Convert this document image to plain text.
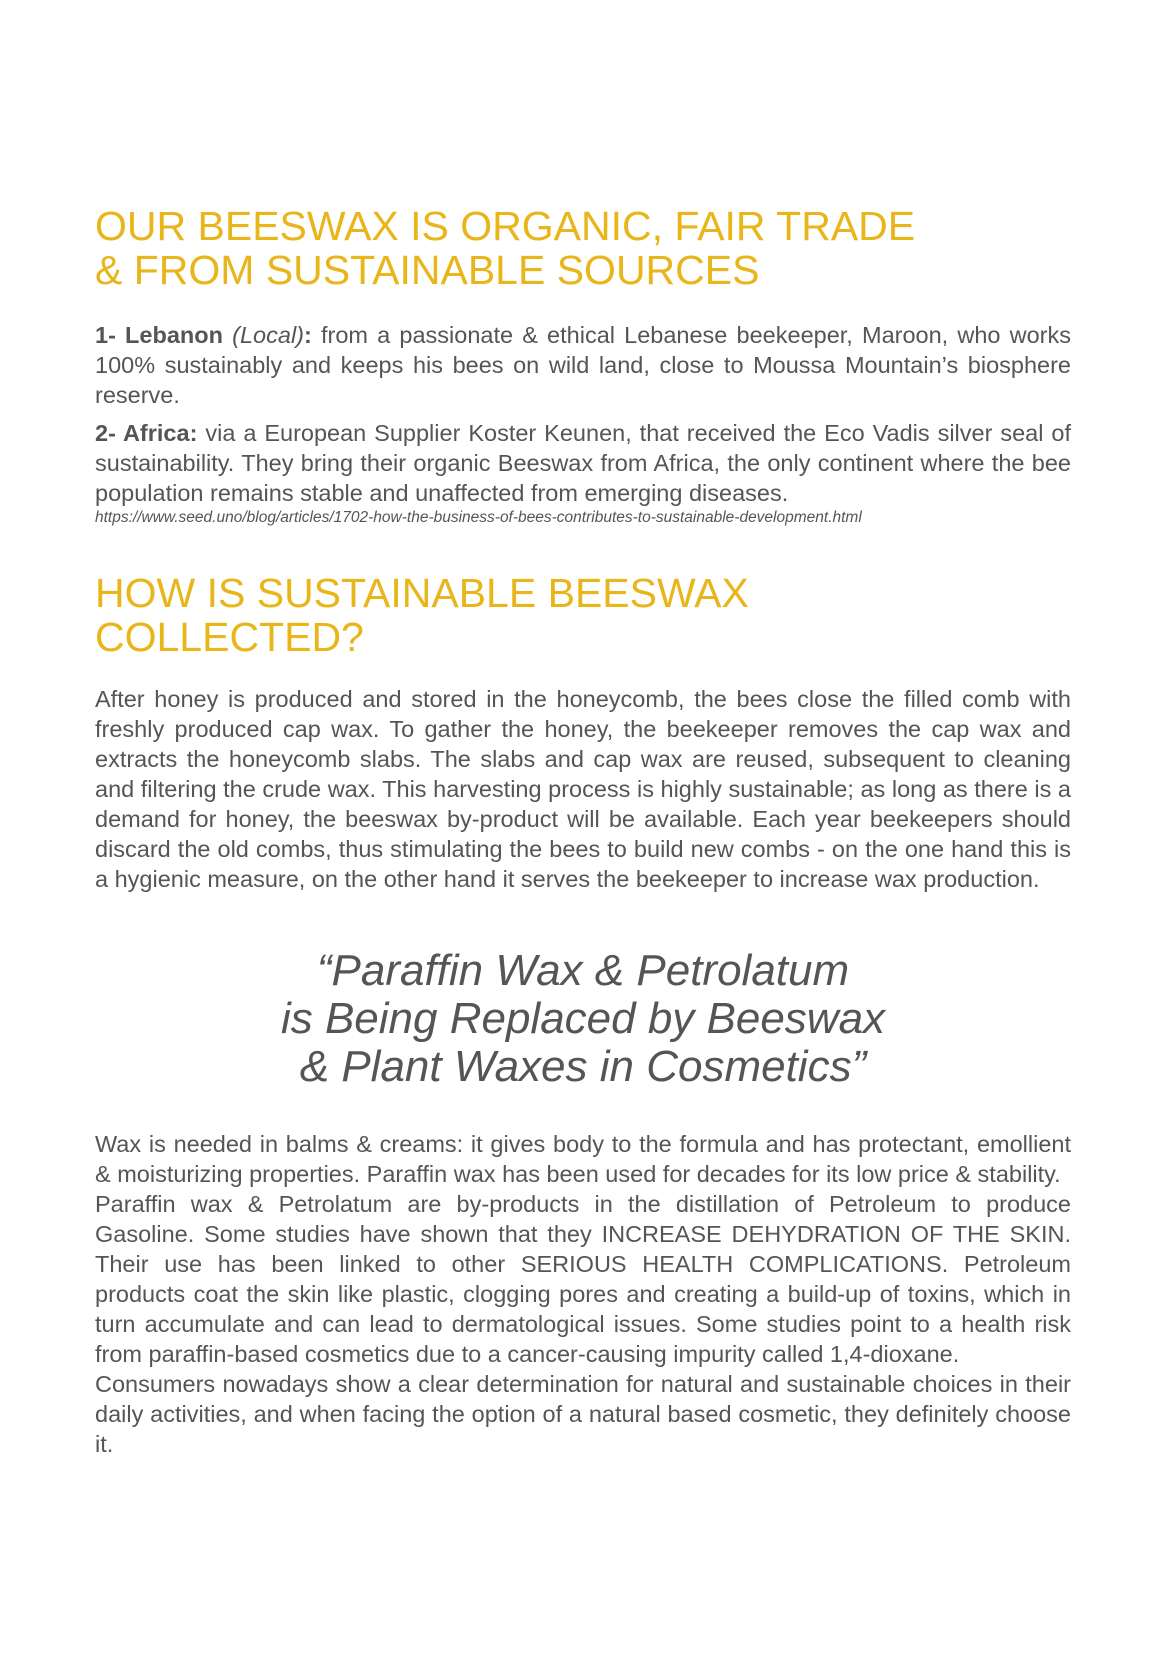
OUR BEESWAX IS ORGANIC, FAIR TRADE
& FROM SUSTAINABLE SOURCES

1- Lebanon (Local): from a passionate & ethical Lebanese beekeeper, Maroon, who works 100% sustainably and keeps his bees on wild land, close to Moussa Mountain’s biosphere reserve.

2- Africa: via a European Supplier Koster Keunen, that received the Eco Vadis silver seal of sustainability. They bring their organic Beeswax from Africa, the only continent where the bee population remains stable and unaffected from emerging diseases.

https://www.seed.uno/blog/articles/1702-how-the-business-of-bees-contributes-to-sustainable-development.html
HOW IS SUSTAINABLE BEESWAX
COLLECTED?

After honey is produced and stored in the honeycomb, the bees close the filled comb with freshly produced cap wax. To gather the honey, the beekeeper removes the cap wax and extracts the honeycomb slabs. The slabs and cap wax are reused, subsequent to cleaning and filtering the crude wax. This harvesting process is highly sustainable; as long as there is a demand for honey, the beeswax by-product will be available. Each year beekeepers should discard the old combs, thus stimulating the bees to build new combs - on the one hand this is a hygienic measure, on the other hand it serves the beekeeper to increase wax production.

“Paraffin Wax & Petrolatum
is Being Replaced by Beeswax
& Plant Waxes in Cosmetics”

Wax is needed in balms & creams: it gives body to the formula and has protectant, emollient & moisturizing properties. Paraffin wax has been used for decades for its low price & stability.

Paraffin wax & Petrolatum are by-products in the distillation of Petroleum to produce Gasoline. Some studies have shown that they INCREASE DEHYDRATION OF THE SKIN. Their use has been linked to other SERIOUS HEALTH COMPLICATIONS. Petroleum products coat the skin like plastic, clogging pores and creating a build-up of toxins, which in turn accumulate and can lead to dermatological issues. Some studies point to a health risk from paraffin-based cosmetics due to a cancer-causing impurity called 1,4-dioxane.

Consumers nowadays show a clear determination for natural and sustainable choices in their daily activities, and when facing the option of a natural based cosmetic, they definitely choose it.
